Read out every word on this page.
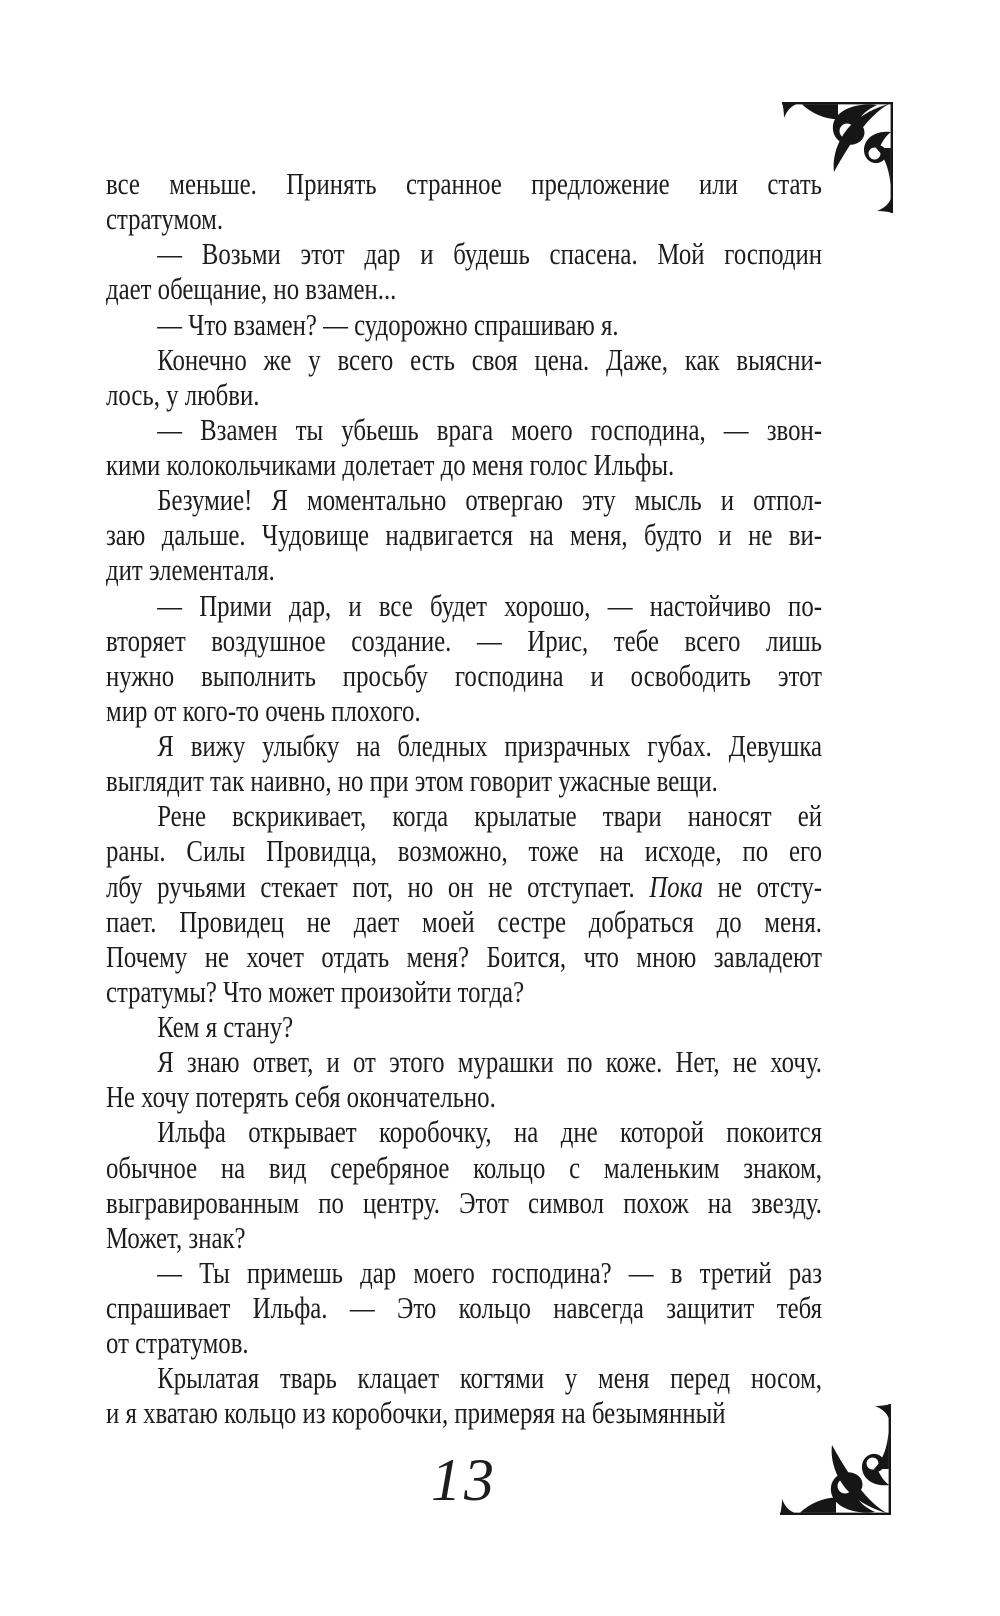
все меньше. Принять странное предложение или стать
стратумом.
— Возьми этот дар и будешь спасена. Мой господин
дает обещание, но взамен...
— Что взамен? — судорожно спрашиваю я.
Конечно же у всего есть своя цена. Даже, как выясни-
лось, у любви.
— Взамен ты убьешь врага моего господина, — звон-
кими колокольчиками долетает до меня голос Ильфы.
Безумие! Я моментально отвергаю эту мысль и отпол-
заю дальше. Чудовище надвигается на меня, будто и не ви-
дит элементаля.
— Прими дар, и все будет хорошо, — настойчиво по-
вторяет воздушное создание. — Ирис, тебе всего лишь
нужно выполнить просьбу господина и освободить этот
мир от кого-то очень плохого.
Я вижу улыбку на бледных призрачных губах. Девушка
выглядит так наивно, но при этом говорит ужасные вещи.
Рене вскрикивает, когда крылатые твари наносят ей
раны. Силы Провидца, возможно, тоже на исходе, по его
лбу ручьями стекает пот, но он не отступает. Пока не отсту-
пает. Провидец не дает моей сестре добраться до меня.
Почему не хочет отдать меня? Боится, что мною завладеют
стратумы? Что может произойти тогда?
Кем я стану?
Я знаю ответ, и от этого мурашки по коже. Нет, не хочу.
Не хочу потерять себя окончательно.
Ильфа открывает коробочку, на дне которой покоится
обычное на вид серебряное кольцо с маленьким знаком,
выгравированным по центру. Этот символ похож на звезду.
Может, знак?
— Ты примешь дар моего господина? — в третий раз
спрашивает Ильфа. — Это кольцо навсегда защитит тебя
от стратумов.
Крылатая тварь клацает когтями у меня перед носом,
и я хватаю кольцо из коробочки, примеряя на безымянный
13
